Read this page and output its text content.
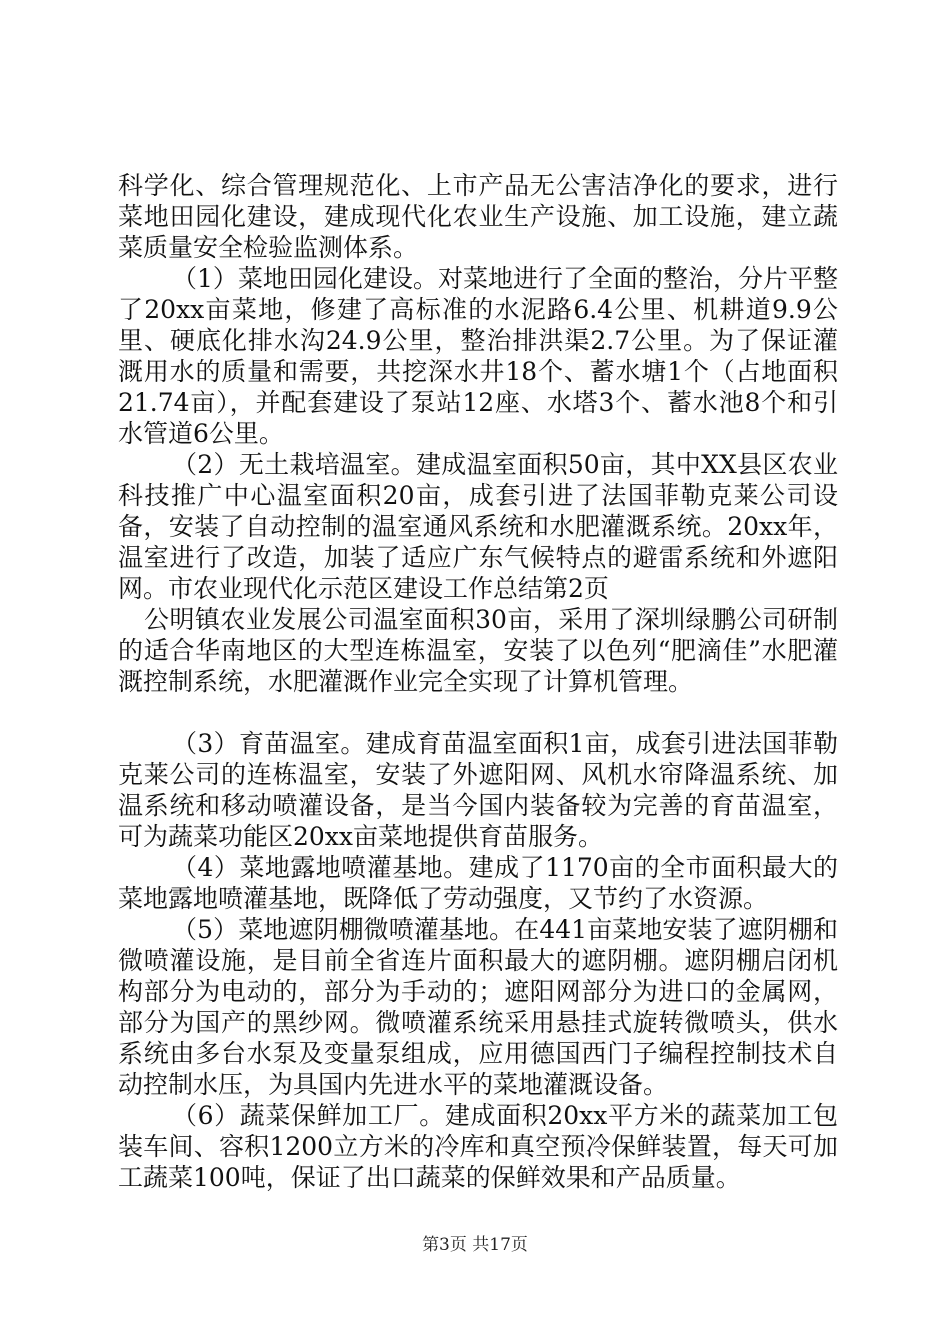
科学化、综合管理规范化、上市产品无公害洁净化的要求，进行菜地田园化建设，建成现代化农业生产设施、加工设施，建立蔬菜质量安全检验监测体系。

（1）菜地田园化建设。对菜地进行了全面的整治，分片平整了20xx亩菜地，修建了高标准的水泥路6.4公里、机耕道9.9公里、硬底化排水沟24.9公里，整治排洪渠2.7公里。为了保证灌溉用水的质量和需要，共挖深水井18个、蓄水塘1个（占地面积21.74亩），并配套建设了泵站12座、水塔3个、蓄水池8个和引水管道6公里。

（2）无土栽培温室。建成温室面积50亩，其中XX县区农业科技推广中心温室面积20亩，成套引进了法国菲勒克莱公司设备，安装了自动控制的温室通风系统和水肥灌溉系统。20xx年，温室进行了改造，加装了适应广东气候特点的避雷系统和外遮阳网。市农业现代化示范区建设工作总结第2页

公明镇农业发展公司温室面积30亩，采用了深圳绿鹏公司研制的适合华南地区的大型连栋温室，安装了以色列“肥滴佳”水肥灌溉控制系统，水肥灌溉作业完全实现了计算机管理。

（3）育苗温室。建成育苗温室面积1亩，成套引进法国菲勒克莱公司的连栋温室，安装了外遮阳网、风机水帘降温系统、加温系统和移动喷灌设备，是当今国内装备较为完善的育苗温室，可为蔬菜功能区20xx亩菜地提供育苗服务。

（4）菜地露地喷灌基地。建成了1170亩的全市面积最大的菜地露地喷灌基地，既降低了劳动强度，又节约了水资源。

（5）菜地遮阴棚微喷灌基地。在441亩菜地安装了遮阴棚和微喷灌设施，是目前全省连片面积最大的遮阴棚。遮阴棚启闭机构部分为电动的，部分为手动的；遮阳网部分为进口的金属网，部分为国产的黑纱网。微喷灌系统采用悬挂式旋转微喷头，供水系统由多台水泵及变量泵组成，应用德国西门子编程控制技术自动控制水压，为具国内先进水平的菜地灌溉设备。

（6）蔬菜保鲜加工厂。建成面积20xx平方米的蔬菜加工包装车间、容积1200立方米的冷库和真空预冷保鲜装置，每天可加工蔬菜100吨，保证了出口蔬菜的保鲜效果和产品质量。

第3页 共17页
